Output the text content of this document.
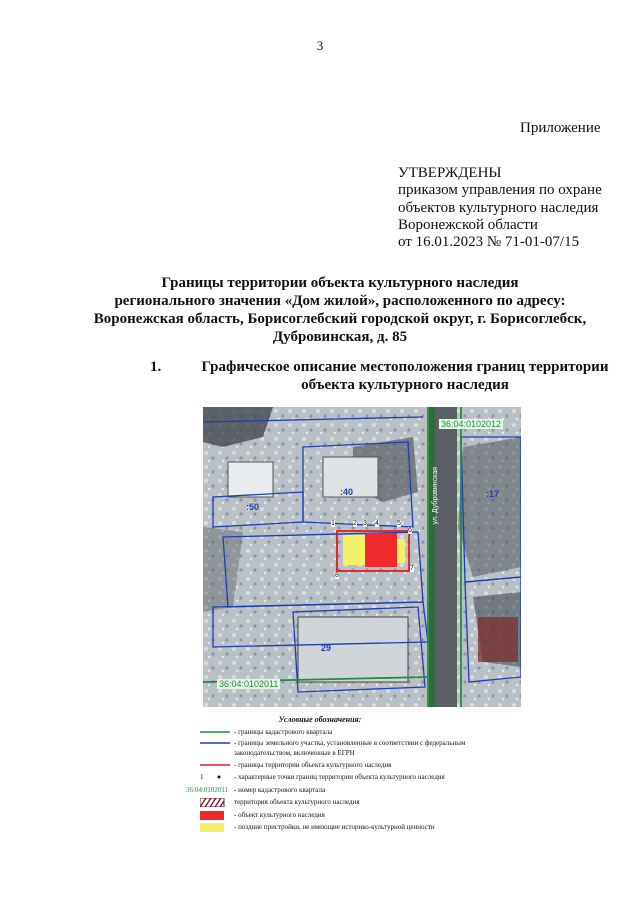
3
Приложение
УТВЕРЖДЕНЫ
приказом управления по охране
объектов культурного наследия
Воронежской области
от 16.01.2023 № 71-01-07/15
Границы территории объекта культурного наследия
регионального значения «Дом жилой», расположенного по адресу:
Воронежская область, Борисоглебский городской округ, г. Борисоглебск,
Дубровинская, д. 85
1.	Графическое описание местоположения границ территории
объекта культурного наследия
36:04:0102012
36:04:0102011
ул. Дубровинская
:40
:50
:17
29
1	2 3 4	5
6
7
8
Условные обозначения:
- границы кадастрового квартала
- границы земельного участка, установленные в соответствии с федеральным
законодательством, включенные в ЕГРН
- границы территории объекта культурного наследия
1	- характерные точки границ территории объекта культурного наследия
36:04:0102011 - номер кадастрового квартала
территория объекта культурного наследия
- объект культурного наследия
- поздние пристройки, не имеющие историко-культурной ценности
